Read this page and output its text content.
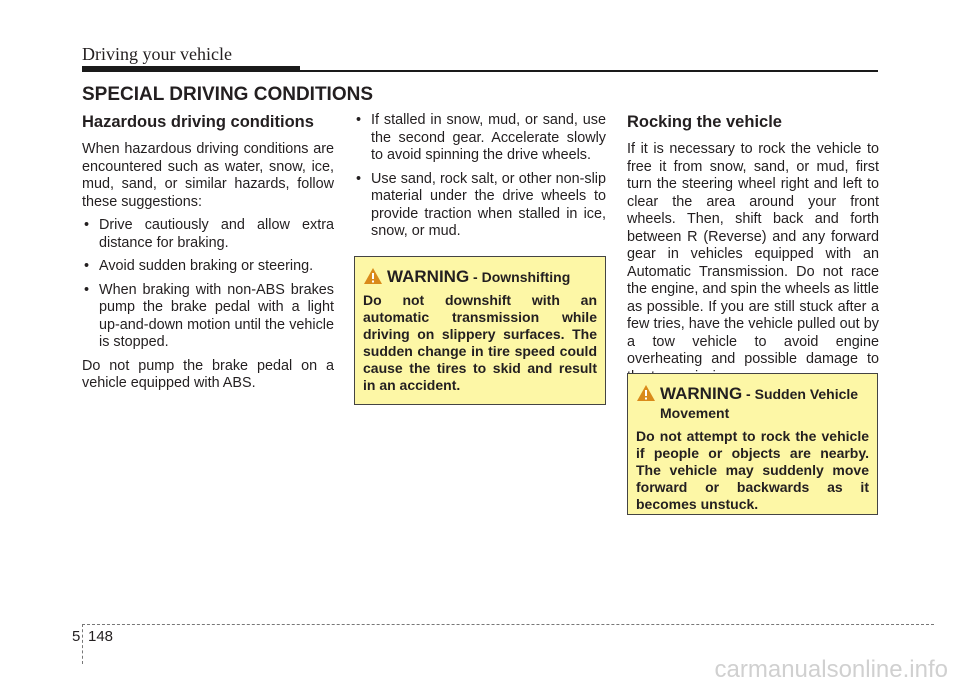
Driving your vehicle
SPECIAL DRIVING CONDITIONS
Hazardous driving conditions

When hazardous driving conditions are encountered such as water, snow, ice, mud, sand, or similar hazards, follow these suggestions:

• Drive cautiously and allow extra distance for braking.
• Avoid sudden braking or steering.
• When braking with non-ABS brakes pump the brake pedal with a light up-and-down motion until the vehicle is stopped.

Do not pump the brake pedal on a vehicle equipped with ABS.

• If stalled in snow, mud, or sand, use the second gear. Accelerate slowly to avoid spinning the drive wheels.
• Use sand, rock salt, or other non-slip material under the drive wheels to provide traction when stalled in ice, snow, or mud.
WARNING - Downshifting
Do not downshift with an automatic transmission while driving on slippery surfaces. The sudden change in tire speed could cause the tires to skid and result in an accident.
Rocking the vehicle

If it is necessary to rock the vehicle to free it from snow, sand, or mud, first turn the steering wheel right and left to clear the area around your front wheels. Then, shift back and forth between R (Reverse) and any forward gear in vehicles equipped with an Automatic Transmission. Do not race the engine, and spin the wheels as little as possible. If you are still stuck after a few tries, have the vehicle pulled out by a tow vehicle to avoid engine overheating and possible damage to

WARNING - Sudden Vehicle Movement
Do not attempt to rock the vehicle if people or objects are nearby. The vehicle may suddenly move forward or backwards as it becomes unstuck.
5 148
carmanualsonline.info
